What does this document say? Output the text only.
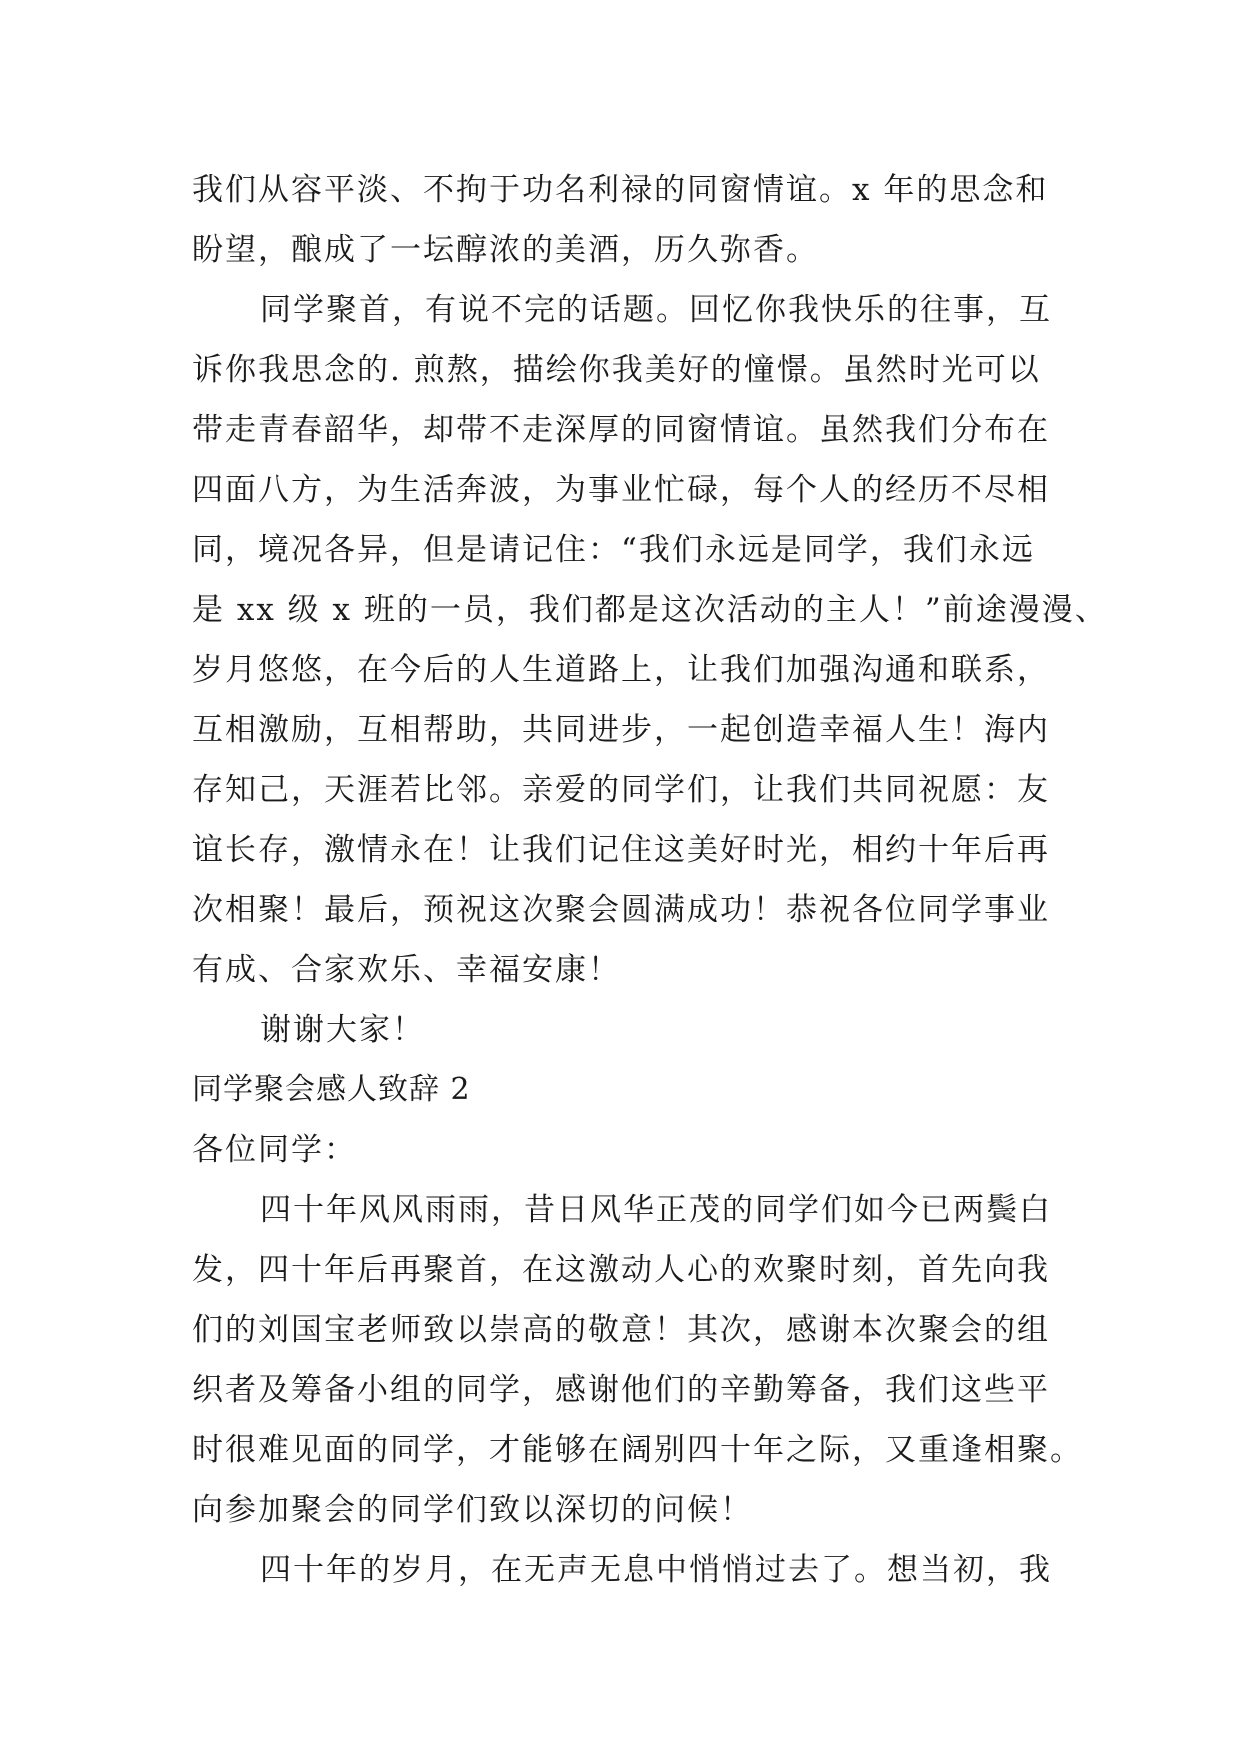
我们从容平淡、不拘于功名利禄的同窗情谊。x 年的思念和
盼望，酿成了一坛醇浓的美酒，历久弥香。
同学聚首，有说不完的话题。回忆你我快乐的往事，互
诉你我思念的. 煎熬，描绘你我美好的憧憬。虽然时光可以
带走青春韶华，却带不走深厚的同窗情谊。虽然我们分布在
四面八方，为生活奔波，为事业忙碌，每个人的经历不尽相
同，境况各异，但是请记住：“我们永远是同学，我们永远
是 xx 级 x 班的一员，我们都是这次活动的主人！”前途漫漫、
岁月悠悠，在今后的人生道路上，让我们加强沟通和联系，
互相激励，互相帮助，共同进步，一起创造幸福人生！海内
存知己，天涯若比邻。亲爱的同学们，让我们共同祝愿：友
谊长存，激情永在！让我们记住这美好时光，相约十年后再
次相聚！最后，预祝这次聚会圆满成功！恭祝各位同学事业
有成、合家欢乐、幸福安康！
谢谢大家！
同学聚会感人致辞 2
各位同学：
四十年风风雨雨，昔日风华正茂的同学们如今已两鬓白
发，四十年后再聚首，在这激动人心的欢聚时刻，首先向我
们的刘国宝老师致以崇高的敬意！其次，感谢本次聚会的组
织者及筹备小组的同学，感谢他们的辛勤筹备，我们这些平
时很难见面的同学，才能够在阔别四十年之际，又重逢相聚。
向参加聚会的同学们致以深切的问候！
四十年的岁月，在无声无息中悄悄过去了。想当初，我
